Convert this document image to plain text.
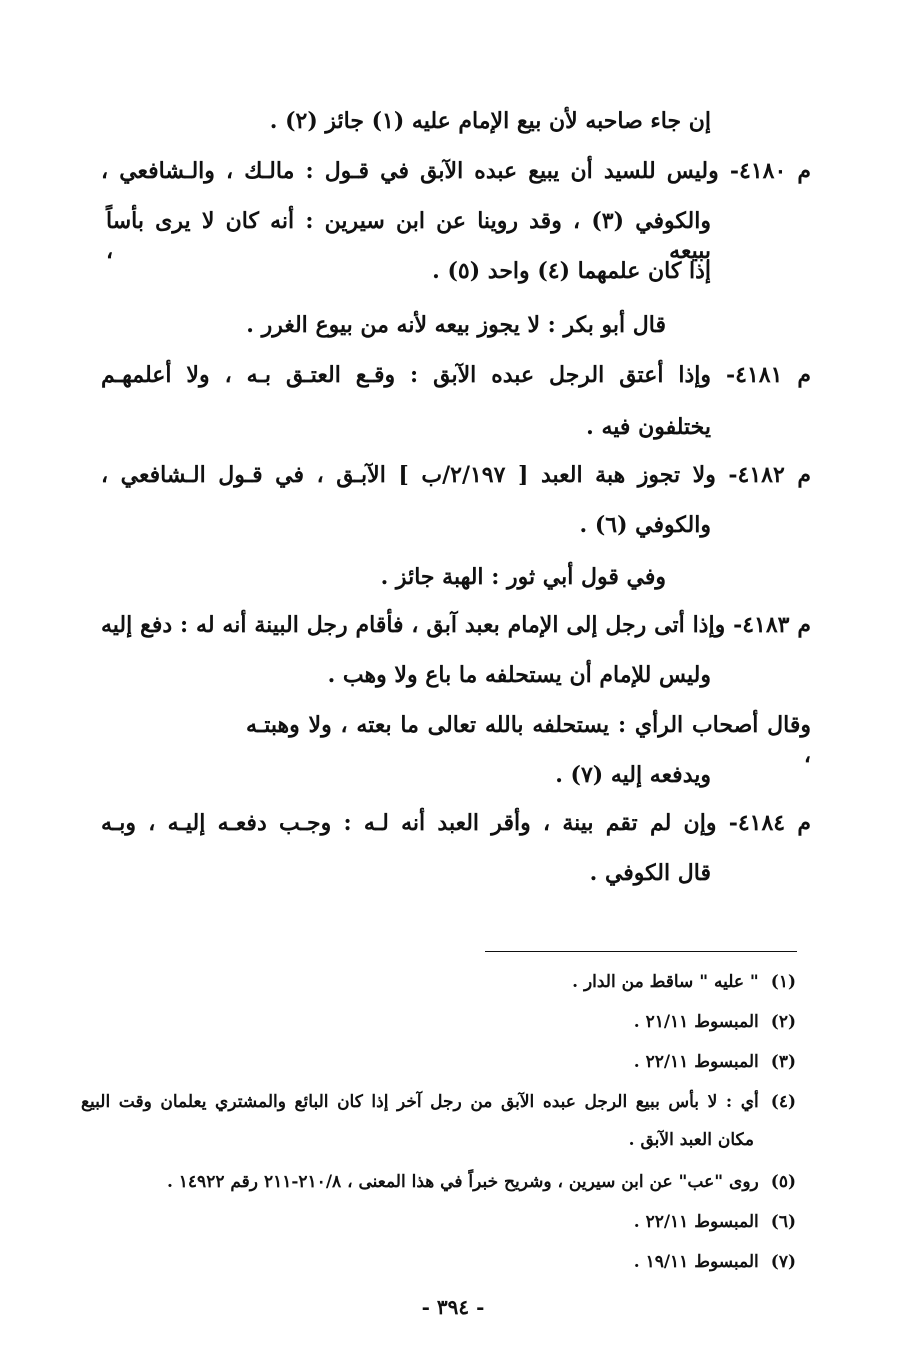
إن جاء صاحبه لأن بيع الإمام عليه (١) جائز (٢) .
م ٤١٨٠- وليس للسيد أن يبيع عبده الآبق في قـول : مالـك ، والـشافعي ،
والكوفي (٣) ، وقد روينا عن ابن سيرين : أنه كان لا يرى بأساً ببيعه ،
إذا كان علمهما (٤) واحد (٥) .
قال أبو بكر : لا يجوز بيعه لأنه من بيوع الغرر .
م ٤١٨١- وإذا أعتق الرجل عبده الآبق : وقـع العتـق بـه ، ولا أعلمهـم
يختلفون فيه .
م ٤١٨٢- ولا تجوز هبة العبد [ ٢/١٩٧/ب ] الآبـق ، في قـول الـشافعي ،
والكوفي (٦) .
وفي قول أبي ثور : الهبة جائز .
م ٤١٨٣- وإذا أتى رجل إلى الإمام بعبد آبق ، فأقام رجل البينة أنه له : دفع إليه
وليس للإمام أن يستحلفه ما باع ولا وهب .
وقال أصحاب الرأي : يستحلفه بالله تعالى ما بعته ، ولا وهبتـه ،
ويدفعه إليه (٧) .
م ٤١٨٤- وإن لم تقم بينة ، وأقر العبد أنه لـه : وجـب دفعـه إليـه ، وبـه
قال الكوفي .
(١)" عليه " ساقط من الدار .
(٢)المبسوط ٢١/١١ .
(٣)المبسوط ٢٢/١١ .
(٤)أي : لا بأس ببيع الرجل عبده الآبق من رجل آخر إذا كان البائع والمشتري يعلمان وقت البيع
مكان العبد الآبق .
(٥)روى "عب" عن ابن سيرين ، وشريح خبراً في هذا المعنى ، ٢١٠/٨-٢١١ رقم ١٤٩٢٢ .
(٦)المبسوط ٢٢/١١ .
(٧)المبسوط ١٩/١١ .
- ٣٩٤ -
